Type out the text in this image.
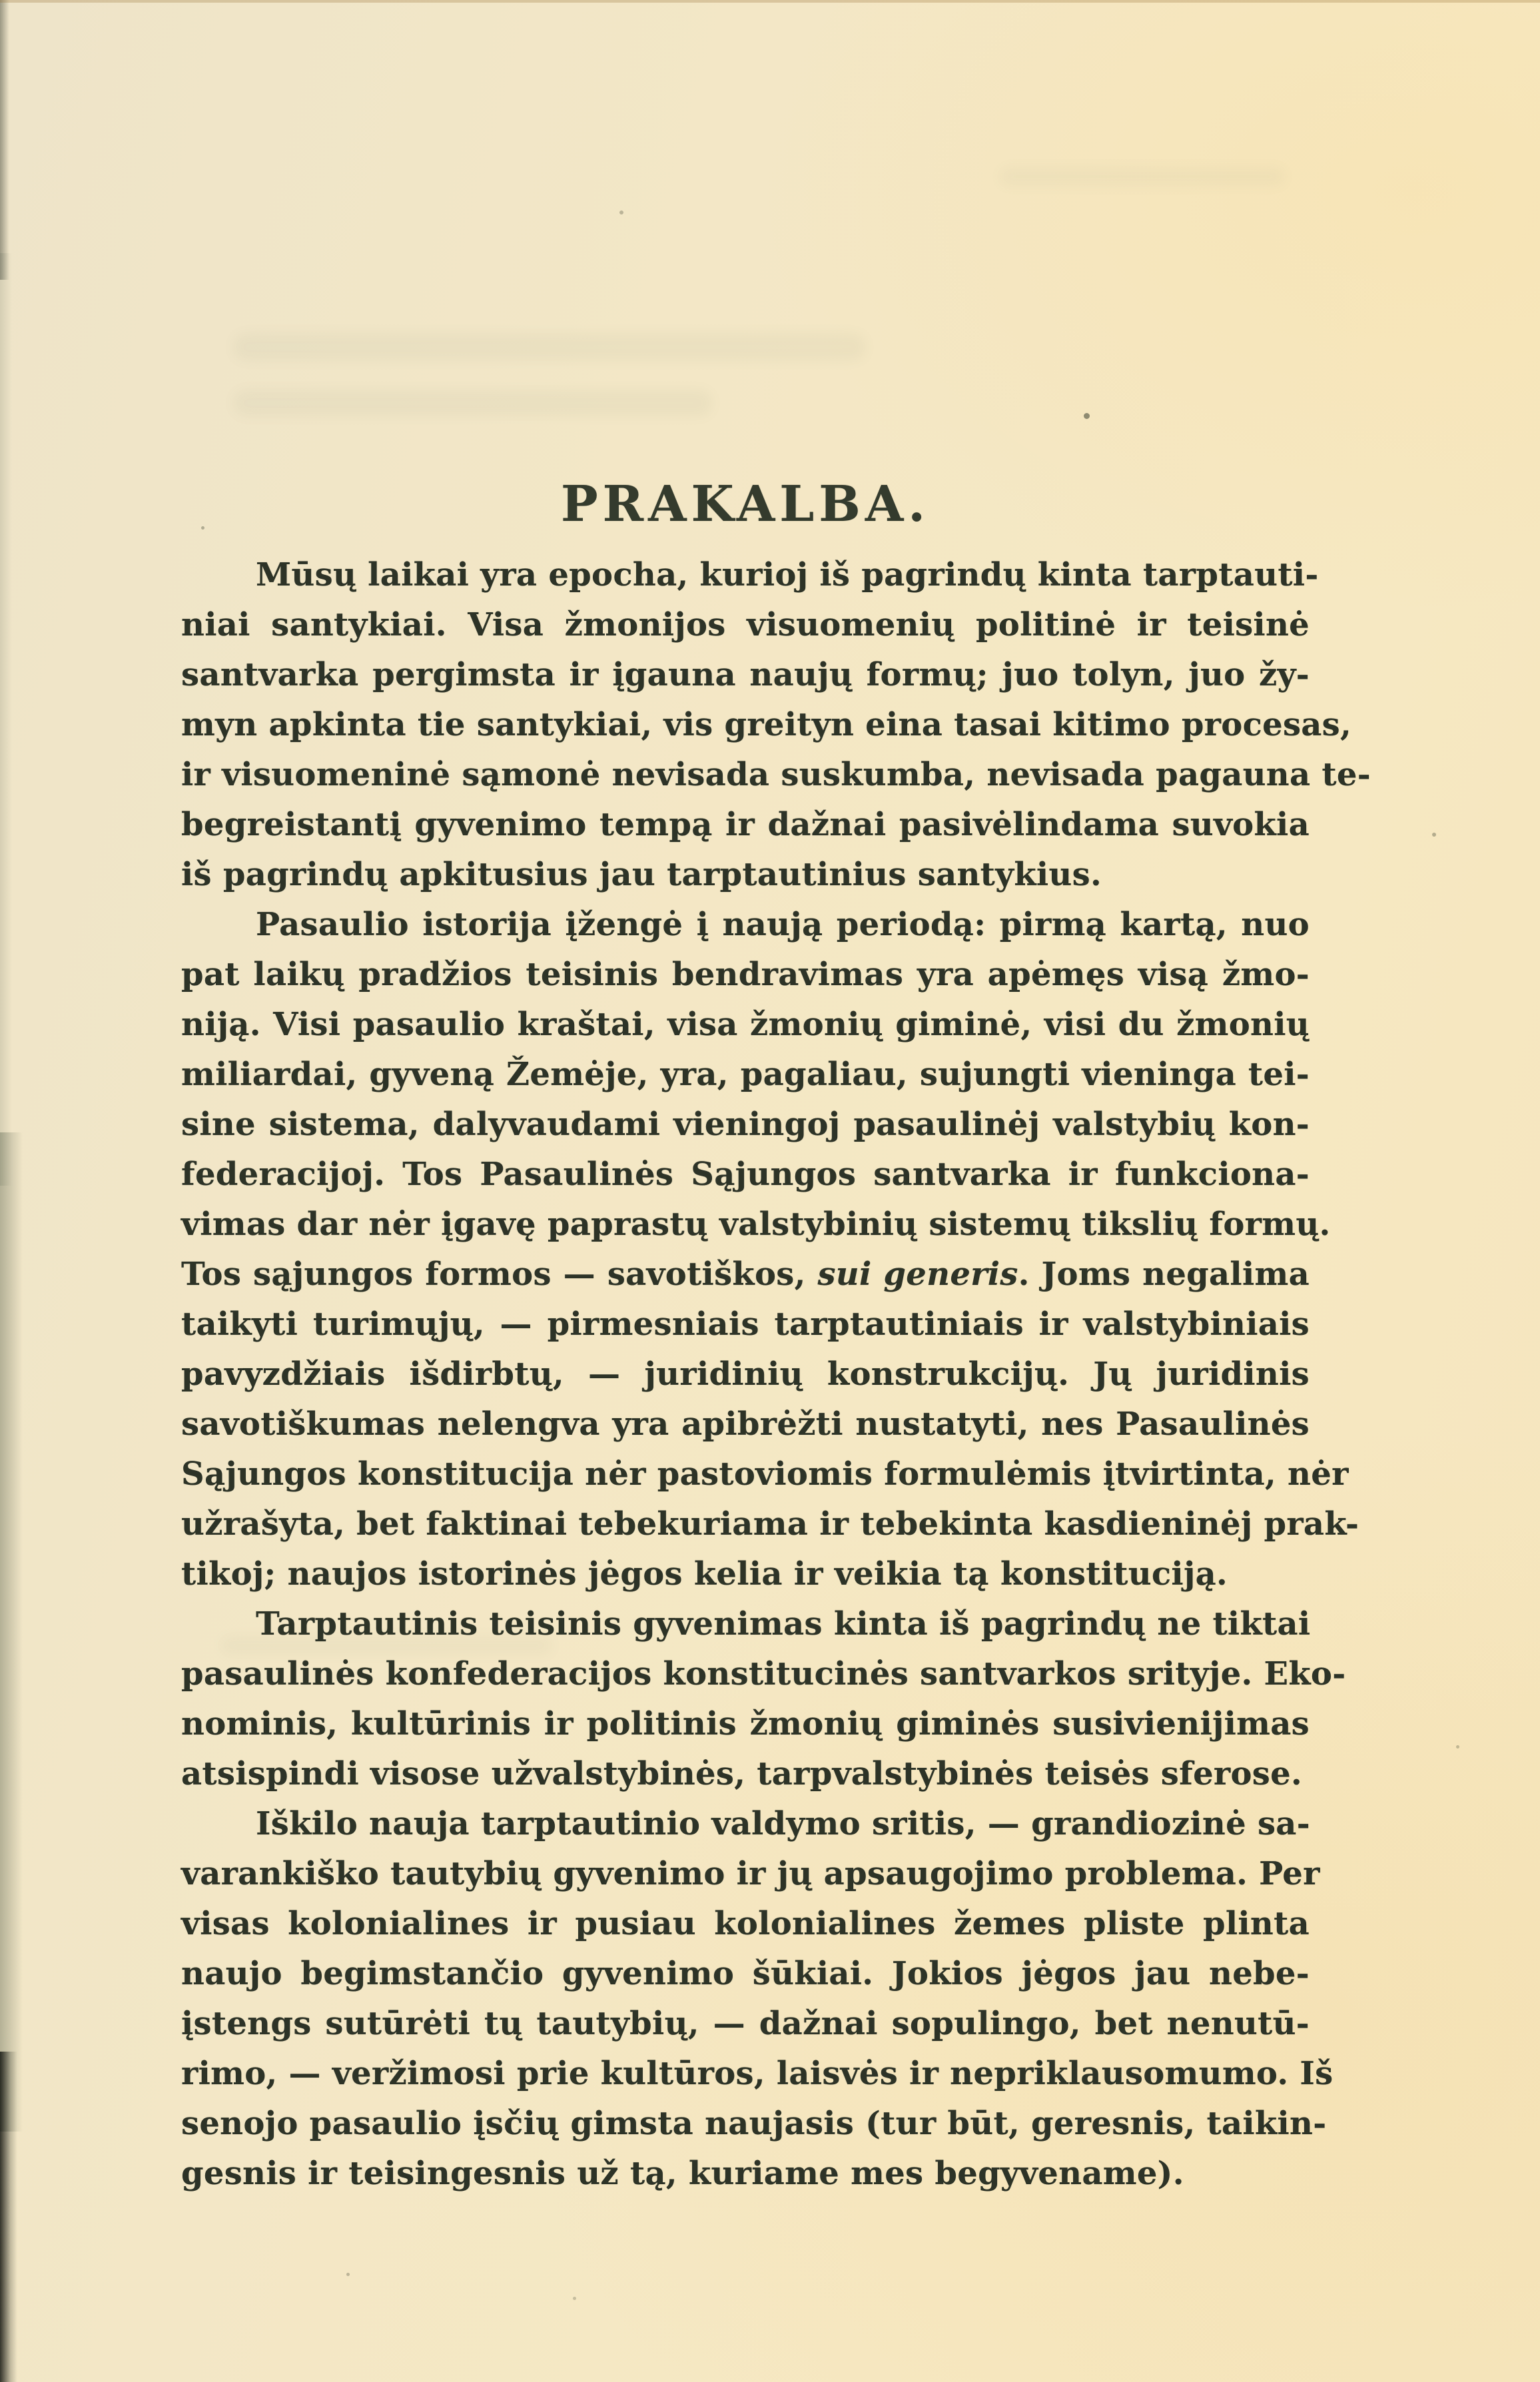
PRAKALBA.
Mūsų laikai yra epocha, kurioj iš pagrindų kinta tarptauti-
niai santykiai. Visa žmonijos visuomenių politinė ir teisinė
santvarka pergimsta ir įgauna naujų formų; juo tolyn, juo žy-
myn apkinta tie santykiai, vis greityn eina tasai kitimo procesas,
ir visuomeninė sąmonė nevisada suskumba, nevisada pagauna te-
begreistantį gyvenimo tempą ir dažnai pasivėlindama suvokia
iš pagrindų apkitusius jau tarptautinius santykius.
Pasaulio istorija įžengė į naują periodą: pirmą kartą, nuo
pat laikų pradžios teisinis bendravimas yra apėmęs visą žmo-
niją. Visi pasaulio kraštai, visa žmonių giminė, visi du žmonių
miliardai, gyveną Žemėje, yra, pagaliau, sujungti vieninga tei-
sine sistema, dalyvaudami vieningoj pasaulinėj valstybių kon-
federacijoj. Tos Pasaulinės Sąjungos santvarka ir funkciona-
vimas dar nėr įgavę paprastų valstybinių sistemų tikslių formų.
Tos sąjungos formos — savotiškos, sui generis. Joms negalima
taikyti turimųjų, — pirmesniais tarptautiniais ir valstybiniais
pavyzdžiais išdirbtų, — juridinių konstrukcijų. Jų juridinis
savotiškumas nelengva yra apibrėžti nustatyti, nes Pasaulinės
Sąjungos konstitucija nėr pastoviomis formulėmis įtvirtinta, nėr
užrašyta, bet faktinai tebekuriama ir tebekinta kasdieninėj prak-
tikoj; naujos istorinės jėgos kelia ir veikia tą konstituciją.
Tarptautinis teisinis gyvenimas kinta iš pagrindų ne tiktai
pasaulinės konfederacijos konstitucinės santvarkos srityje. Eko-
nominis, kultūrinis ir politinis žmonių giminės susivienijimas
atsispindi visose užvalstybinės, tarpvalstybinės teisės sferose.
Iškilo nauja tarptautinio valdymo sritis, — grandiozinė sa-
varankiško tautybių gyvenimo ir jų apsaugojimo problema. Per
visas kolonialines ir pusiau kolonialines žemes pliste plinta
naujo begimstančio gyvenimo šūkiai. Jokios jėgos jau nebe-
įstengs sutūrėti tų tautybių, — dažnai sopulingo, bet nenutū-
rimo, — veržimosi prie kultūros, laisvės ir nepriklausomumo. Iš
senojo pasaulio įsčių gimsta naujasis (tur būt, geresnis, taikin-
gesnis ir teisingesnis už tą, kuriame mes begyvename).
